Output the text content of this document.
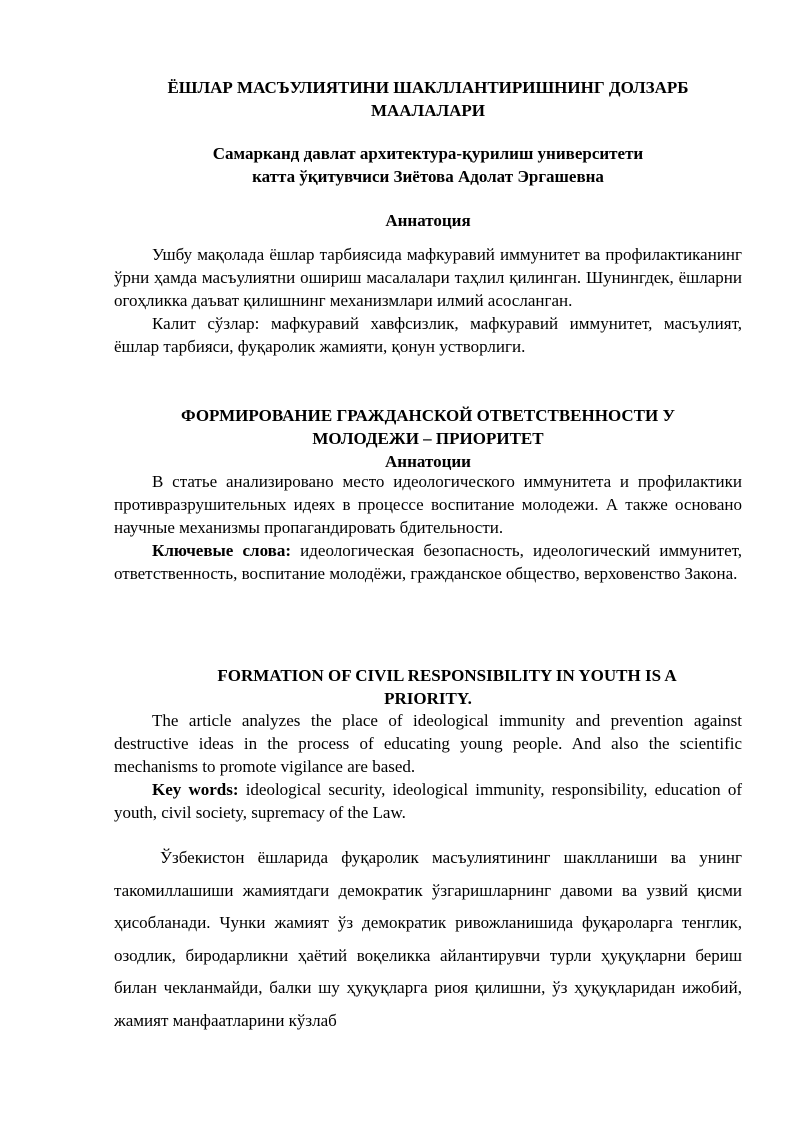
ЁШЛАР МАСЪУЛИЯТИНИ ШАКЛЛАНТИРИШНИНГ ДОЛЗАРБ
МААЛАЛАРИ
Самарканд давлат архитектура-қурилиш университети
катта ўқитувчиси Зиётова Адолат Эргашевна
Аннатоция

Ушбу мақолада ёшлар тарбиясида мафкуравий иммунитет ва профилактиканинг ўрни ҳамда масъулиятни ошириш масалалари таҳлил қилинган. Шунингдек, ёшларни огоҳликка даъват қилишнинг механизмлари илмий асосланган.

Калит сўзлар: мафкуравий хавфсизлик, мафкуравий иммунитет, масъулият, ёшлар тарбияси, фуқаролик жамияти, қонун устворлиги.

ФОРМИРОВАНИЕ ГРАЖДАНСКОЙ ОТВЕТСТВЕННОСТИ У
МОЛОДЕЖИ – ПРИОРИТЕТ
Аннатоции

В статье анализировано место идеологического иммунитета и профилактики противразрушительных идеях в процессе воспитание молодежи. А также основано научные механизмы пропагандировать бдительности.

Ключевые слова: идеологическая безопасность, идеологический иммунитет, ответственность, воспитание молодёжи, гражданское общество, верховенство Закона.

FORMATION OF CIVIL RESPONSIBILITY IN YOUTH IS A
PRIORITY.

The article analyzes the place of ideological immunity and prevention against destructive ideas in the process of educating young people. And also the scientific mechanisms to promote vigilance are based.

Key words: ideological security, ideological immunity, responsibility, education of youth, civil society, supremacy of the Law.

Ўзбекистон ёшларида фуқаролик масъулиятининг шаклланиши ва унинг такомиллашиши жамиятдаги демократик ўзгаришларнинг давоми ва узвий қисми ҳисобланади. Чунки жамият ўз демократик ривожланишида фуқароларга тенглик, озодлик, биродарликни ҳаётий воқеликка айлантирувчи турли ҳуқуқларни бериш билан чекланмайди, балки шу ҳуқуқларга риоя қилишни, ўз ҳуқуқларидан ижобий, жамият манфаатларини кўзлаб
